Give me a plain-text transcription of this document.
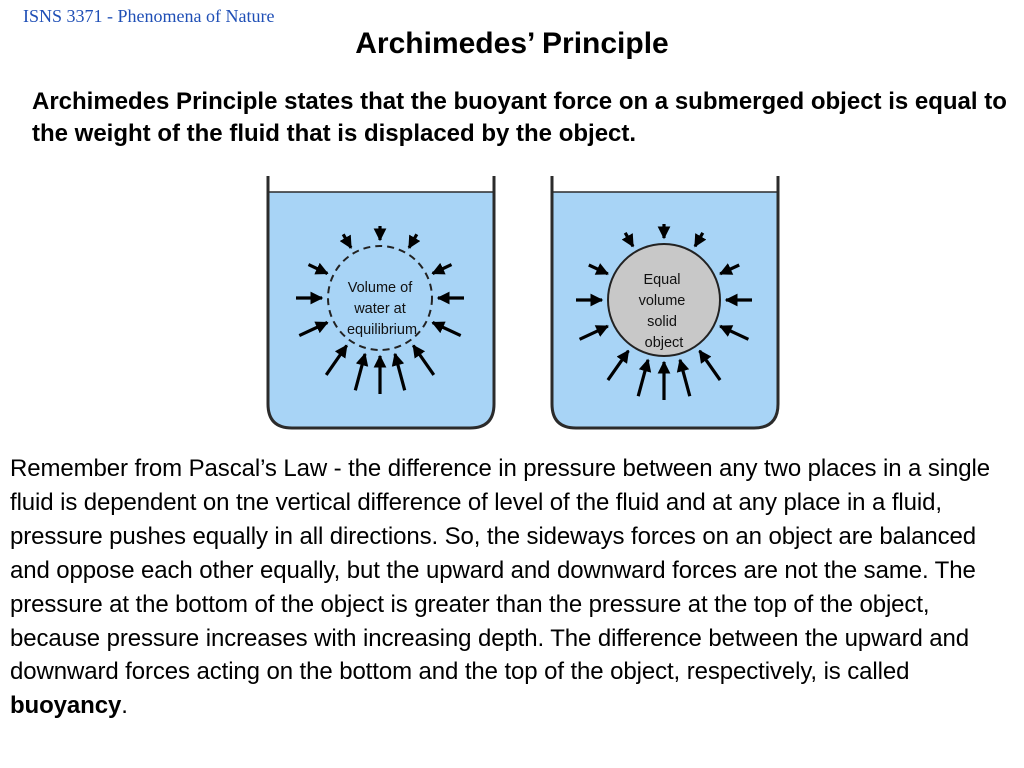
ISNS 3371 - Phenomena of Nature
Archimedes’ Principle
Archimedes Principle states that the buoyant force on a submerged object is equal to the weight of the fluid that is displaced by the object.
Volume of water at equilibrium
Equal volume solid object
Remember from Pascal’s Law - the difference in pressure between any two places in a single fluid is dependent on tne vertical difference of level of the fluid and at any place in a fluid, pressure pushes equally in all directions. So, the sideways forces on an object are balanced and oppose each other equally, but the upward and downward forces are not the same. The pressure at the bottom of the object is greater than the pressure at the top of the object, because pressure increases with increasing depth. The difference between the upward and downward forces acting on the bottom and the top of the object, respectively, is called buoyancy.
